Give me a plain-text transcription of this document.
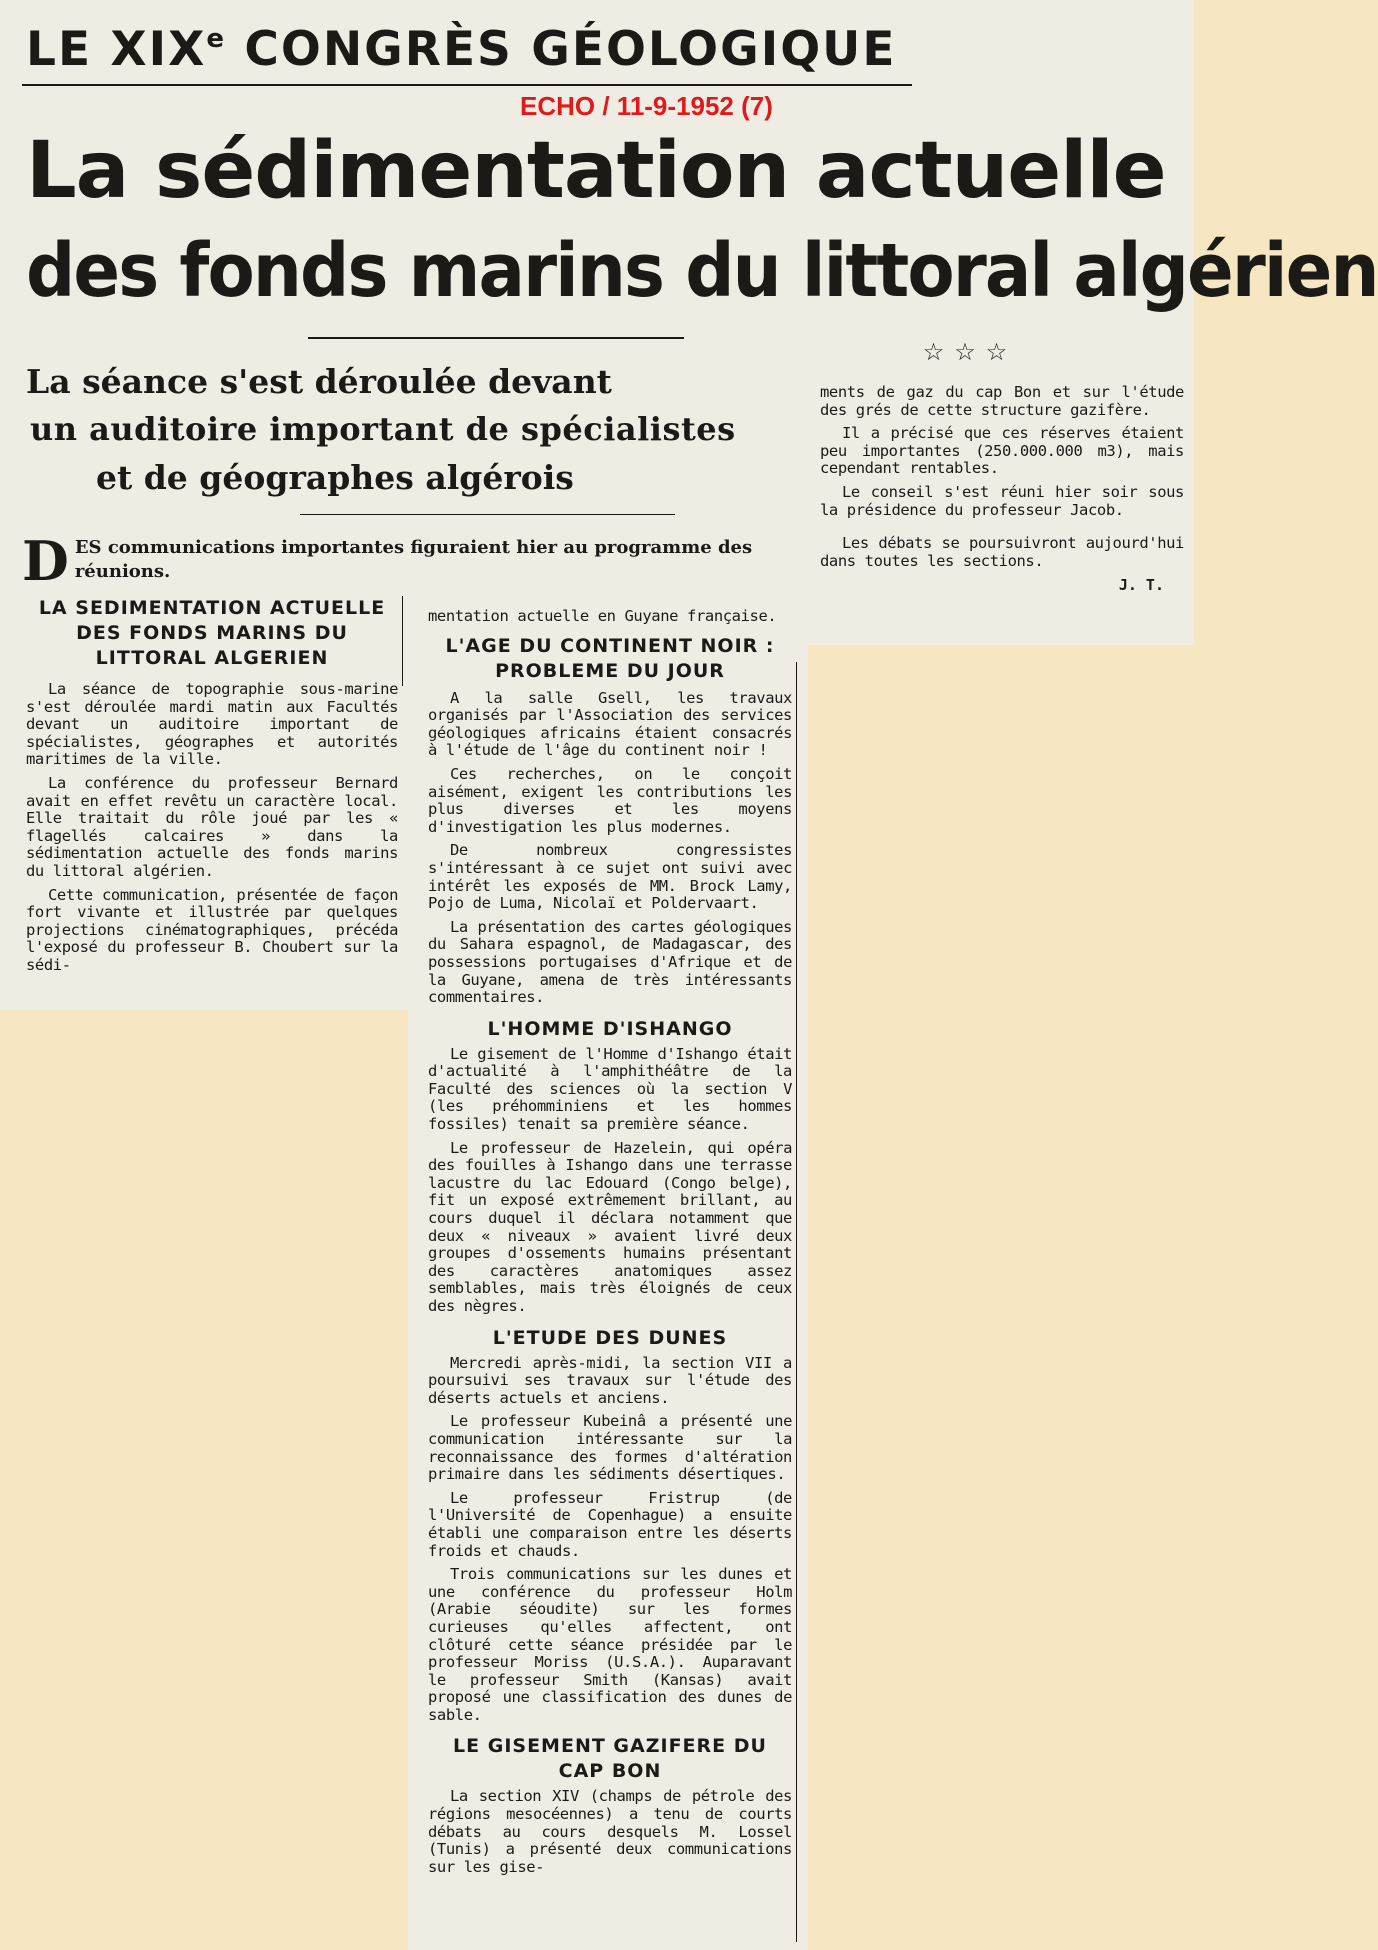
LE XIXe CONGRÈS GÉOLOGIQUE
ECHO / 11-9-1952 (7)
La sédimentation actuelle
des fonds marins du littoral algérien
La séance s'est déroulée devant
un auditoire important de spécialistes
et de géographes algérois
D ES communications importantes figuraient hier au programme des réunions.
LA SEDIMENTATION ACTUELLE DES FONDS MARINS DU LITTORAL ALGERIEN

La séance de topographie sous-marine s'est déroulée mardi matin aux Facultés devant un auditoire important de spécialistes, géographes et autorités maritimes de la ville.

La conférence du professeur Bernard avait en effet revêtu un caractère local. Elle traitait du rôle joué par les « flagellés calcaires » dans la sédimentation actuelle des fonds marins du littoral algérien.

Cette communication, présentée de façon fort vivante et illustrée par quelques projections cinématographiques, précéda l'exposé du professeur B. Choubert sur la sédi-

mentation actuelle en Guyane française.

L'AGE DU CONTINENT NOIR : PROBLEME DU JOUR

A la salle Gsell, les travaux organisés par l'Association des services géologiques africains étaient consacrés à l'étude de l'âge du continent noir !

Ces recherches, on le conçoit aisément, exigent les contributions les plus diverses et les moyens d'investigation les plus modernes.

De nombreux congressistes s'intéressant à ce sujet ont suivi avec intérêt les exposés de MM. Brock Lamy, Pojo de Luma, Nicolaï et Poldervaart.

La présentation des cartes géologiques du Sahara espagnol, de Madagascar, des possessions portugaises d'Afrique et de la Guyane, amena de très intéressants commentaires.

L'HOMME D'ISHANGO

Le gisement de l'Homme d'Ishango était d'actualité à l'amphithéâtre de la Faculté des sciences où la section V (les préhomminiens et les hommes fossiles) tenait sa première séance.

Le professeur de Hazelein, qui opéra des fouilles à Ishango dans une terrasse lacustre du lac Edouard (Congo belge), fit un exposé extrêmement brillant, au cours duquel il déclara notamment que deux « niveaux » avaient livré deux groupes d'ossements humains présentant des caractères anatomiques assez semblables, mais très éloignés de ceux des nègres.

L'ETUDE DES DUNES

Mercredi après-midi, la section VII a poursuivi ses travaux sur l'étude des déserts actuels et anciens.

Le professeur Kubeinâ a présenté une communication intéressante sur la reconnaissance des formes d'altération primaire dans les sédiments désertiques.

Le professeur Fristrup (de l'Université de Copenhague) a ensuite établi une comparaison entre les déserts froids et chauds.

Trois communications sur les dunes et une conférence du professeur Holm (Arabie séoudite) sur les formes curieuses qu'elles affectent, ont clôturé cette séance présidée par le professeur Moriss (U.S.A.). Auparavant le professeur Smith (Kansas) avait proposé une classification des dunes de sable.

LE GISEMENT GAZIFERE DU CAP BON

La section XIV (champs de pétrole des régions mesocéennes) a tenu de courts débats au cours desquels M. Lossel (Tunis) a présenté deux communications sur les gise-

☆☆☆

ments de gaz du cap Bon et sur l'étude des grés de cette structure gazifère.

Il a précisé que ces réserves étaient peu importantes (250.000.000 m3), mais cependant rentables.

Le conseil s'est réuni hier soir sous la présidence du professeur Jacob.

Les débats se poursuivront aujourd'hui dans toutes les sections.

J. T.
